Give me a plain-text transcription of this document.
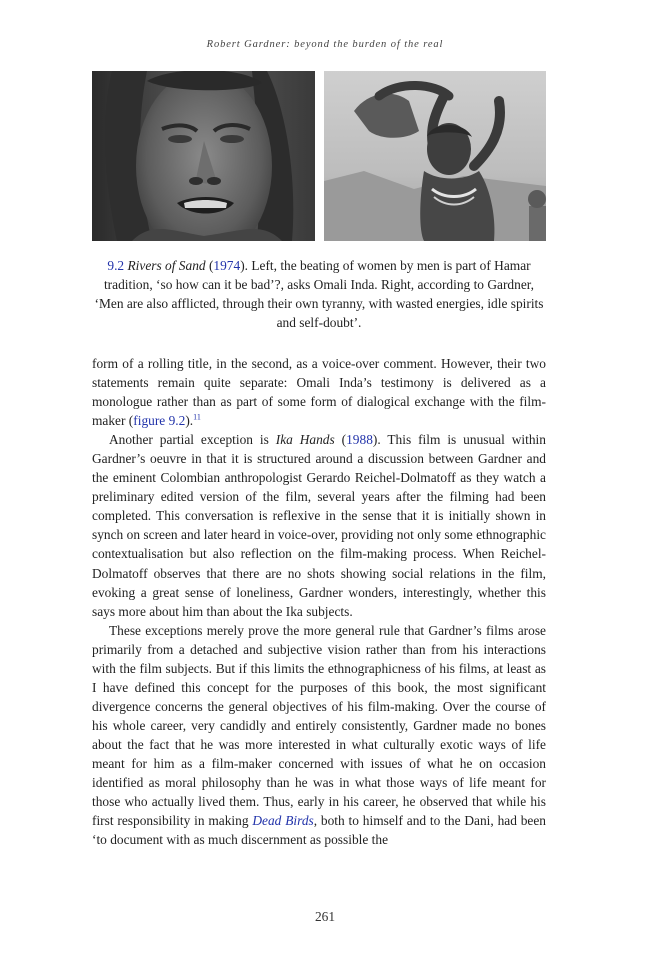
Robert Gardner: beyond the burden of the real
9.2 Rivers of Sand (1974). Left, the beating of women by men is part of Hamar tradition, ‘so how can it be bad’?, asks Omali Inda. Right, according to Gardner, ‘Men are also afflicted, through their own tyranny, with wasted energies, idle spirits and self-doubt’.

form of a rolling title, in the second, as a voice-over comment. However, their two statements remain quite separate: Omali Inda’s testimony is delivered as a monologue rather than as part of some form of dialogical exchange with the film-maker (figure 9.2).$^{11}$

Another partial exception is Ika Hands (1988). This film is unusual within Gardner’s oeuvre in that it is structured around a discussion between Gardner and the eminent Colombian anthropologist Gerardo Reichel-Dolmatoff as they watch a preliminary edited version of the film, several years after the filming had been completed. This conversation is reflexive in the sense that it is initially shown in synch on screen and later heard in voice-over, providing not only some ethnographic contextualisation but also reflection on the film-making process. When Reichel-Dolmatoff observes that there are no shots showing social relations in the film, evoking a great sense of loneliness, Gardner wonders, interestingly, whether this says more about him than about the Ika subjects.

These exceptions merely prove the more general rule that Gardner’s films arose primarily from a detached and subjective vision rather than from his interactions with the film subjects. But if this limits the ethnographicness of his films, at least as I have defined this concept for the purposes of this book, the most significant divergence concerns the general objectives of his film-making. Over the course of his whole career, very candidly and entirely consistently, Gardner made no bones about the fact that he was more interested in what culturally exotic ways of life meant for him as a film-maker concerned with issues of what he on occasion identified as moral philosophy than he was in what those ways of life meant for those who actually lived them. Thus, early in his career, he observed that while his first responsibility in making Dead Birds, both to himself and to the Dani, had been ‘to document with as much discernment as possible the

261
